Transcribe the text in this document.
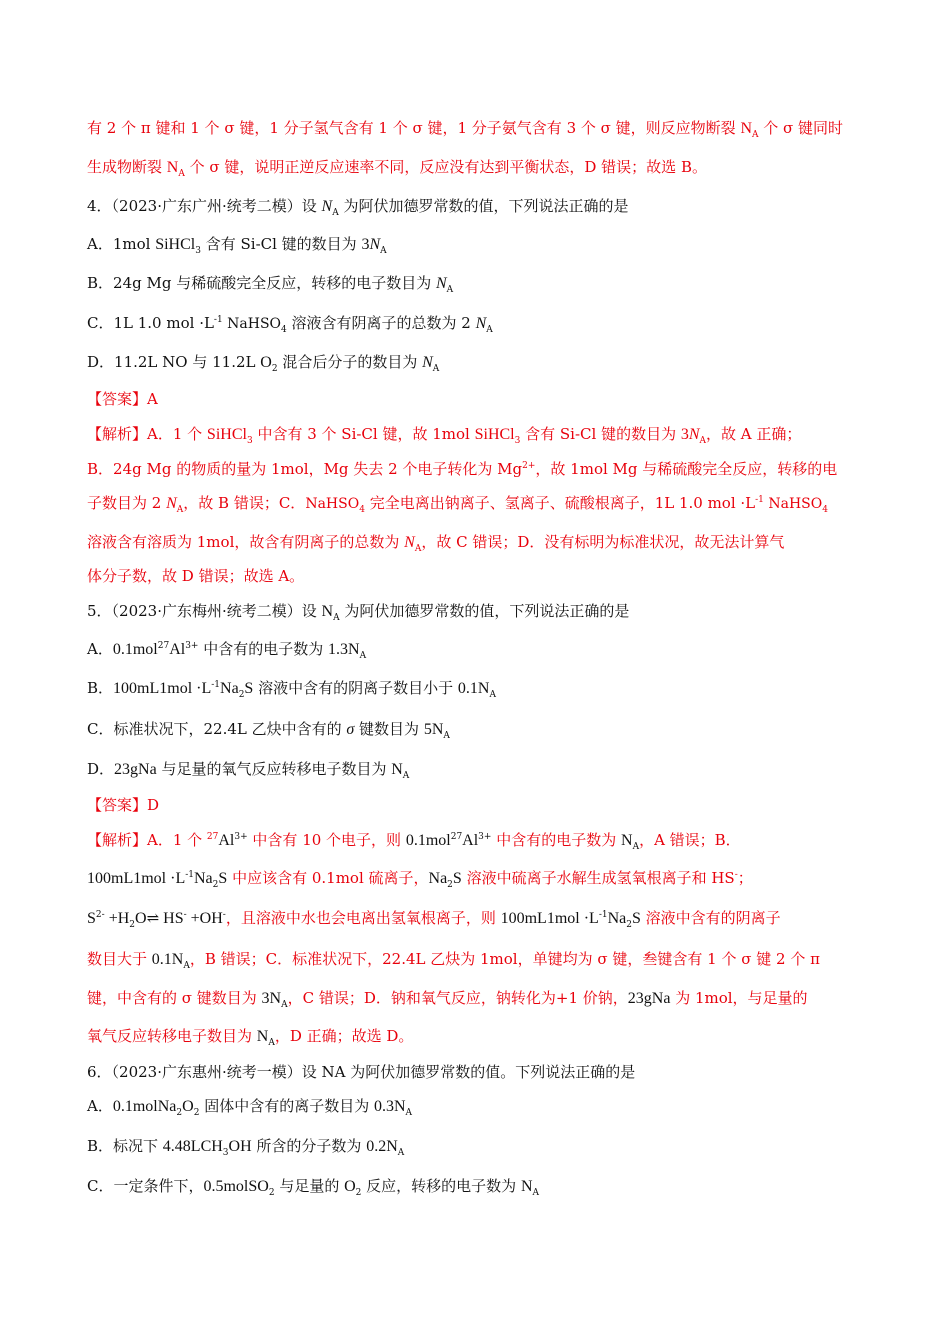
有 2 个 π 键和 1 个 σ 键，1 分子氢气含有 1 个 σ 键，1 分子氨气含有 3 个 σ 键，则反应物断裂 $N_A$ 个 σ 键同时
生成物断裂 $N_A$ 个 σ 键，说明正逆反应速率不同，反应没有达到平衡状态，D 错误；故选 B。
4．（2023·广东广州·统考二模）设 $N_A$ 为阿伏加德罗常数的值，下列说法正确的是
A．1mol SiHCl$_3$ 含有 Si-Cl 键的数目为 $3N_A$
B．24g Mg 与稀硫酸完全反应，转移的电子数目为 $N_A$
C．1L 1.0 mol $\cdot L^{-1}$ NaHSO$_4$ 溶液含有阴离子的总数为 2 $N_A$
D．11.2L NO 与 11.2L $O_2$ 混合后分子的数目为 $N_A$
【答案】A
【解析】A．1 个 SiHCl$_3$ 中含有 3 个 Si-Cl 键，故 1mol SiHCl$_3$ 含有 Si-Cl 键的数目为 $3N_A$，故 A 正确；
B．24g Mg 的物质的量为 1mol，Mg 失去 2 个电子转化为 $Mg^{2+}$，故 1mol Mg 与稀硫酸完全反应，转移的电
子数目为 2 $N_A$，故 B 错误；C．NaHSO$_4$ 完全电离出钠离子、氢离子、硫酸根离子，1L 1.0 mol $\cdot L^{-1}$ NaHSO$_4$
溶液含有溶质为 1mol，故含有阴离子的总数为 $N_A$，故 C 错误；D．没有标明为标准状况，故无法计算气
体分子数，故 D 错误；故选 A。
5．（2023·广东梅州·统考二模）设 $N_A$ 为阿伏加德罗常数的值，下列说法正确的是
A．$0.1mol^{27}Al^{3+}$ 中含有的电子数为 $1.3N_A$
B．$100mL1mol \cdot L^{-1}Na_2S$ 溶液中含有的阴离子数目小于 $0.1N_A$
C．标准状况下，22.4L 乙炔中含有的 σ 键数目为 $5N_A$
D．23gNa 与足量的氧气反应转移电子数目为 $N_A$
【答案】D
【解析】A．1 个 $^{27}Al^{3+}$ 中含有 10 个电子，则 $0.1mol^{27}Al^{3+}$ 中含有的电子数为 $N_A$，A 错误；B．
$100mL1mol \cdot L^{-1}Na_2S$ 中应该含有 0.1mol 硫离子，$Na_2S$ 溶液中硫离子水解生成氢氧根离子和 HS-；
$S^{2-}$ $+H_2O\rightleftharpoons$ HS- +OH-，且溶液中水也会电离出氢氧根离子，则 $100mL1mol \cdot L^{-1}Na_2S$ 溶液中含有的阴离子
数目大于 $0.1N_A$，B 错误；C．标准状况下，22.4L 乙炔为 1mol，单键均为 σ 键，叁键含有 1 个 σ 键 2 个 π
键，中含有的 σ 键数目为 $3N_A$，C 错误；D．钠和氧气反应，钠转化为+1 价钠，23gNa 为 1mol，与足量的
氧气反应转移电子数目为 $N_A$，D 正确；故选 D。
6．（2023·广东惠州·统考一模）设 NA 为阿伏加德罗常数的值。下列说法正确的是
A．$0.1molNa_2O_2$ 固体中含有的离子数目为 $0.3N_A$
B．标况下 $4.48LCH_3OH$ 所含的分子数为 $0.2N_A$
C．一定条件下，0.5molSO$_2$ 与足量的 $O_2$ 反应，转移的电子数为 $N_A$
